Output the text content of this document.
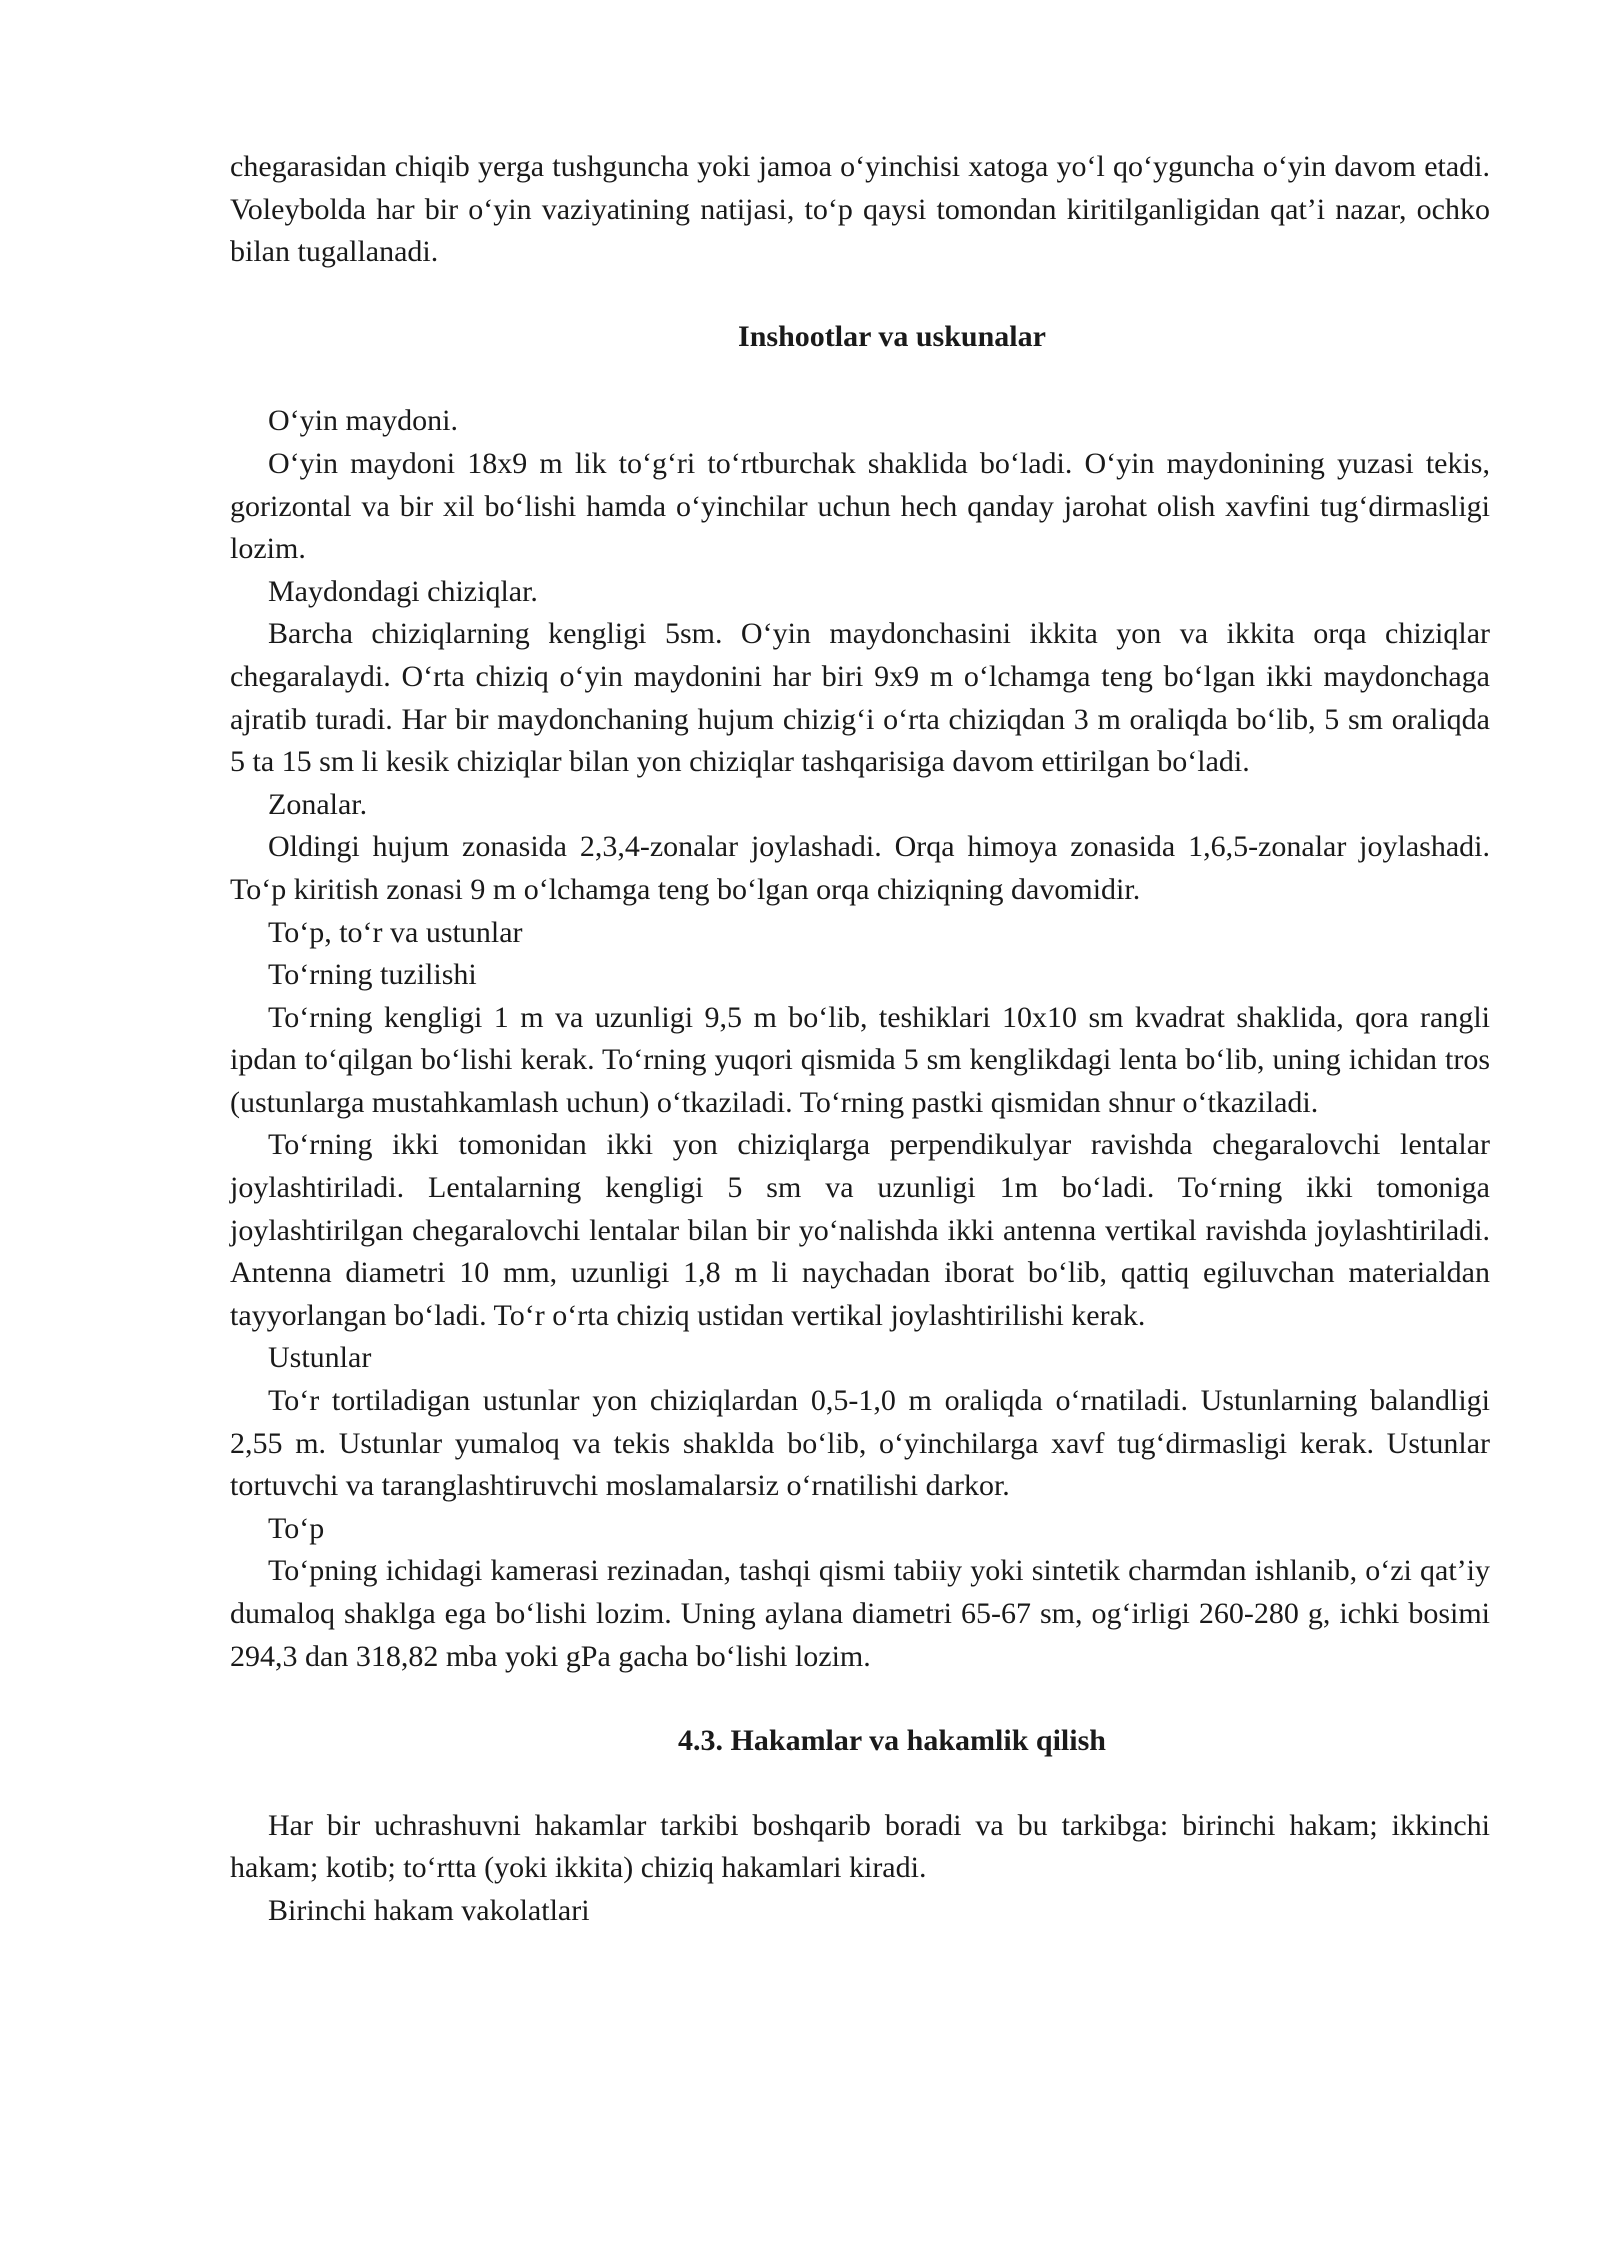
chegarasidan chiqib yerga tushguncha yoki jamoa o‘yinchisi xatoga yo‘l qo‘yguncha o‘yin davom etadi. Voleybolda har bir o‘yin vaziyatining natijasi, to‘p qaysi tomondan kiritilganligidan qat’i nazar, ochko bilan tugallanadi.

Inshootlar va uskunalar

O‘yin maydoni.

O‘yin maydoni 18x9 m lik to‘g‘ri to‘rtburchak shaklida bo‘ladi. O‘yin maydonining yuzasi tekis, gorizontal va bir xil bo‘lishi hamda o‘yinchilar uchun hech qanday jarohat olish xavfini tug‘dirmasligi lozim.

Maydondagi chiziqlar.

Barcha chiziqlarning kengligi 5sm. O‘yin maydonchasini ikkita yon va ikkita orqa chiziqlar chegaralaydi. O‘rta chiziq o‘yin maydonini har biri 9x9 m o‘lchamga teng bo‘lgan ikki maydonchaga ajratib turadi. Har bir maydonchaning hujum chizig‘i o‘rta chiziqdan 3 m oraliqda bo‘lib, 5 sm oraliqda 5 ta 15 sm li kesik chiziqlar bilan yon chiziqlar tashqarisiga davom ettirilgan bo‘ladi.

Zonalar.

Oldingi hujum zonasida 2,3,4-zonalar joylashadi. Orqa himoya zonasida 1,6,5-zonalar joylashadi. To‘p kiritish zonasi 9 m o‘lchamga teng bo‘lgan orqa chiziqning davomidir.

To‘p, to‘r va ustunlar

To‘rning tuzilishi

To‘rning kengligi 1 m va uzunligi 9,5 m bo‘lib, teshiklari 10x10 sm kvadrat shaklida, qora rangli ipdan to‘qilgan bo‘lishi kerak. To‘rning yuqori qismida 5 sm kenglikdagi lenta bo‘lib, uning ichidan tros (ustunlarga mustahkamlash uchun) o‘tkaziladi. To‘rning pastki qismidan shnur o‘tkaziladi.

To‘rning ikki tomonidan ikki yon chiziqlarga perpendikulyar ravishda chegaralovchi lentalar joylashtiriladi. Lentalarning kengligi 5 sm va uzunligi 1m bo‘ladi. To‘rning ikki tomoniga joylashtirilgan chegaralovchi lentalar bilan bir yo‘nalishda ikki antenna vertikal ravishda joylashtiriladi. Antenna diametri 10 mm, uzunligi 1,8 m li naychadan iborat bo‘lib, qattiq egiluvchan materialdan tayyorlangan bo‘ladi. To‘r o‘rta chiziq ustidan vertikal joylashtirilishi kerak.

Ustunlar

To‘r tortiladigan ustunlar yon chiziqlardan 0,5-1,0 m oraliqda o‘rnatiladi. Ustunlarning balandligi 2,55 m. Ustunlar yumaloq va tekis shaklda bo‘lib, o‘yinchilarga xavf tug‘dirmasligi kerak. Ustunlar tortuvchi va taranglashtiruvchi moslamalarsiz o‘rnatilishi darkor.

To‘p

To‘pning ichidagi kamerasi rezinadan, tashqi qismi tabiiy yoki sintetik charmdan ishlanib, o‘zi qat’iy dumaloq shaklga ega bo‘lishi lozim. Uning aylana diametri 65-67 sm, og‘irligi 260-280 g, ichki bosimi 294,3 dan 318,82 mba yoki gPa gacha bo‘lishi lozim.

4.3. Hakamlar va hakamlik qilish

Har bir uchrashuvni hakamlar tarkibi boshqarib boradi va bu tarkibga: birinchi hakam; ikkinchi hakam; kotib; to‘rtta (yoki ikkita) chiziq hakamlari kiradi.

Birinchi hakam vakolatlari
